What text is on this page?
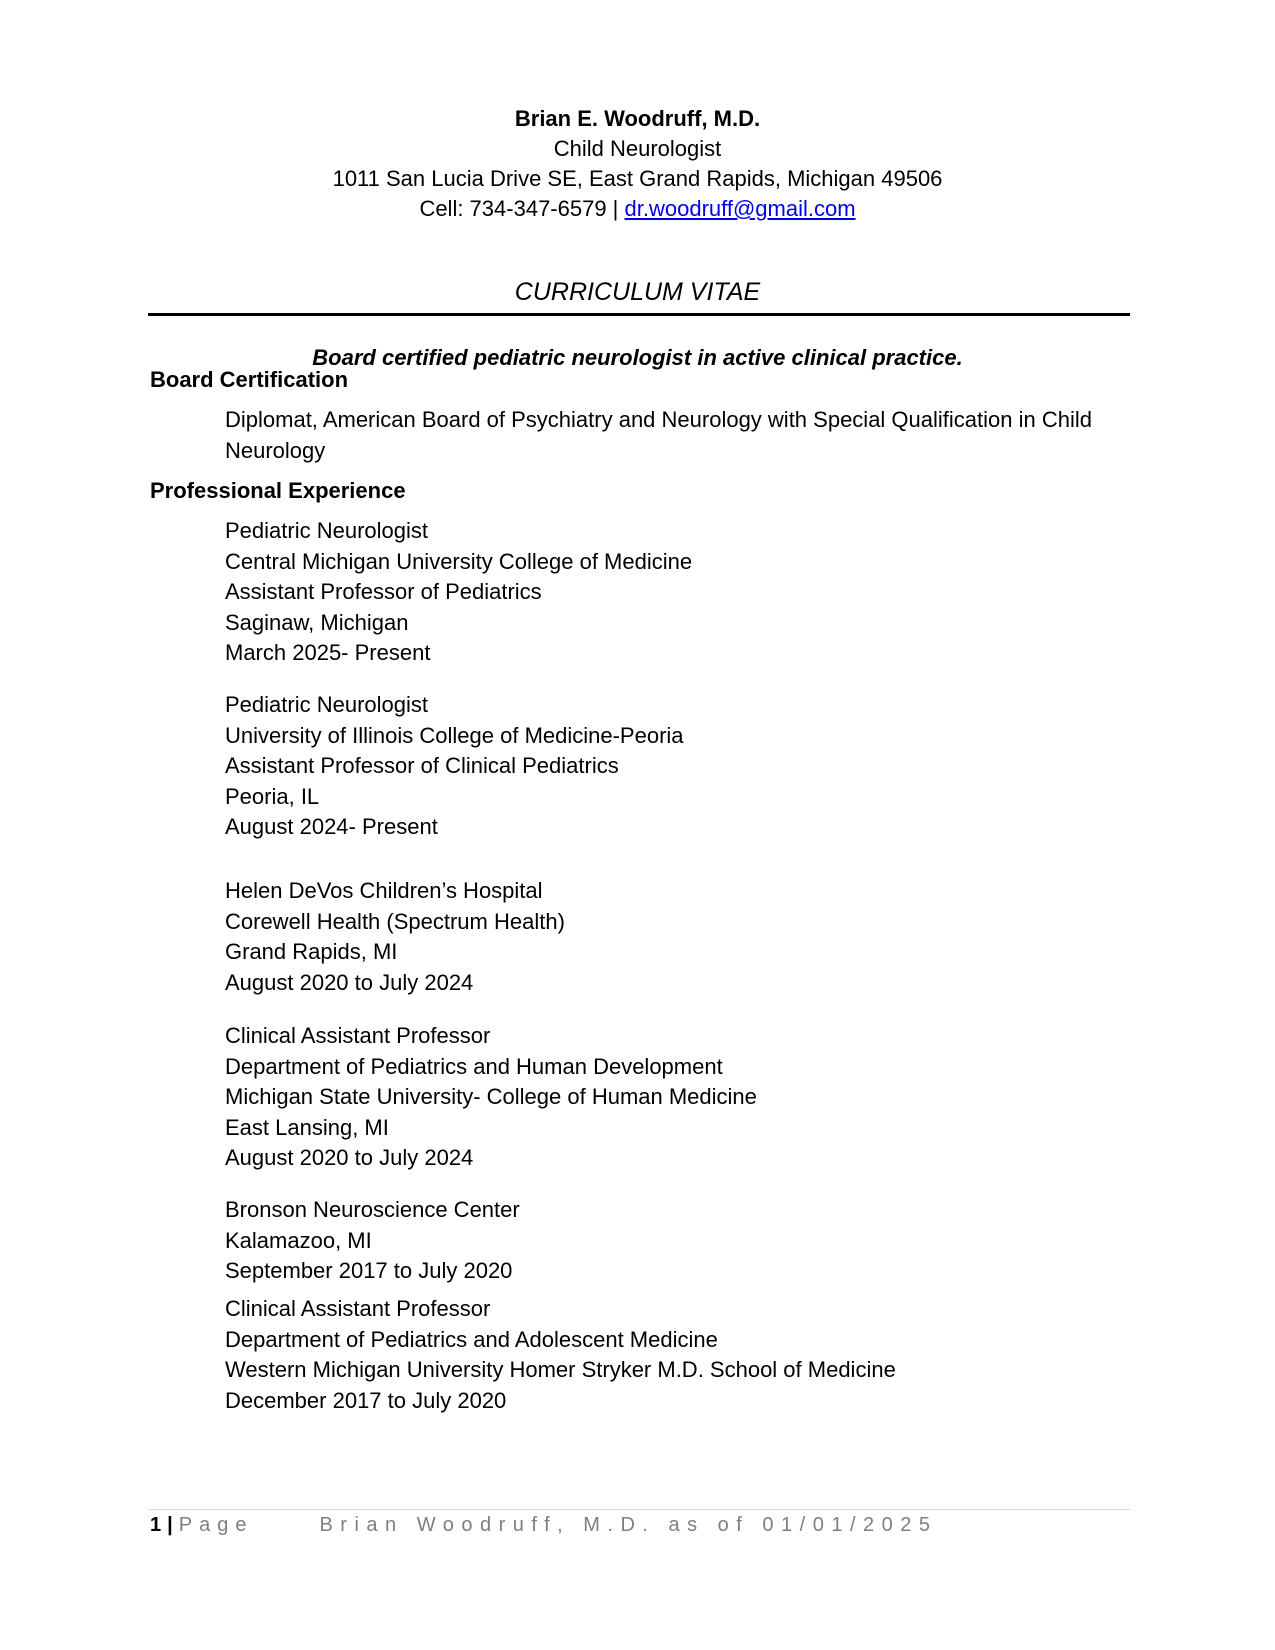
Brian E. Woodruff, M.D.
Child Neurologist
1011 San Lucia Drive SE, East Grand Rapids, Michigan 49506
Cell: 734-347-6579 | dr.woodruff@gmail.com
CURRICULUM VITAE
Board certified pediatric neurologist in active clinical practice.
Board Certification
Diplomat, American Board of Psychiatry and Neurology with Special Qualification in Child Neurology
Professional Experience
Pediatric Neurologist
Central Michigan University College of Medicine
Assistant Professor of Pediatrics
Saginaw, Michigan
March 2025- Present
Pediatric Neurologist
University of Illinois College of Medicine-Peoria
Assistant Professor of Clinical Pediatrics
Peoria, IL
August 2024- Present
Helen DeVos Children’s Hospital
Corewell Health (Spectrum Health)
Grand Rapids, MI
August 2020 to July 2024
Clinical Assistant Professor
Department of Pediatrics and Human Development
Michigan State University- College of Human Medicine
East Lansing, MI
August 2020 to July 2024
Bronson Neuroscience Center
Kalamazoo, MI
September 2017 to July 2020
Clinical Assistant Professor
Department of Pediatrics and Adolescent Medicine
Western Michigan University Homer Stryker M.D. School of Medicine
December 2017 to July 2020
1 | Page	Brian Woodruff, M.D. as of 01/01/2025
